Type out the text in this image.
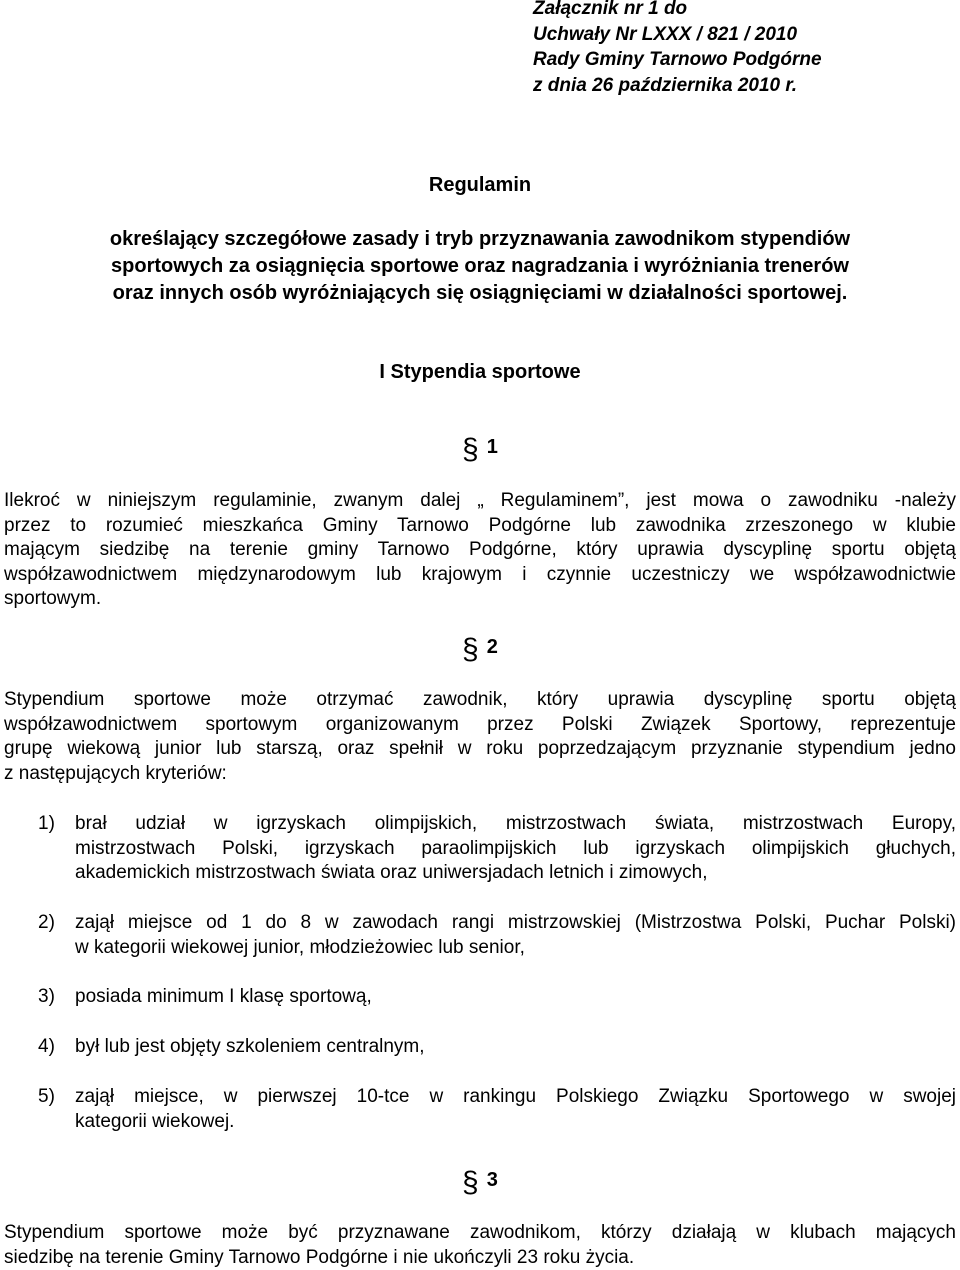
Załącznik nr 1 do
Uchwały Nr LXXX / 821 / 2010
Rady Gminy Tarnowo Podgórne
z dnia 26 października 2010 r.
Regulamin
określający szczegółowe zasady i tryb przyznawania zawodnikom stypendiów
sportowych za osiągnięcia sportowe oraz nagradzania i wyróżniania trenerów
oraz innych osób wyróżniających się osiągnięciami w działalności sportowej.
I Stypendia sportowe
§ 1
Ilekroć w niniejszym regulaminie, zwanym dalej „ Regulaminem”, jest mowa o zawodniku -należy
przez to rozumieć mieszkańca Gminy Tarnowo Podgórne lub zawodnika zrzeszonego w klubie
mającym siedzibę na terenie gminy Tarnowo Podgórne, który uprawia dyscyplinę sportu objętą
współzawodnictwem międzynarodowym lub krajowym i czynnie uczestniczy we współzawodnictwie
sportowym.
§ 2
Stypendium sportowe może otrzymać zawodnik, który uprawia dyscyplinę sportu objętą
współzawodnictwem sportowym organizowanym przez Polski Związek Sportowy, reprezentuje
grupę wiekową junior lub starszą, oraz spełnił w roku poprzedzającym przyznanie stypendium jedno
z następujących kryteriów:
1) brał udział w igrzyskach olimpijskich, mistrzostwach świata, mistrzostwach Europy,
mistrzostwach Polski, igrzyskach paraolimpijskich lub igrzyskach olimpijskich głuchych,
akademickich mistrzostwach świata oraz uniwersjadach letnich i zimowych,
2) zajął miejsce od 1 do 8 w zawodach rangi mistrzowskiej (Mistrzostwa Polski, Puchar Polski)
w kategorii wiekowej junior, młodzieżowiec lub senior,
3) posiada minimum I klasę sportową,
4) był lub jest objęty szkoleniem centralnym,
5) zajął miejsce, w pierwszej 10-tce w rankingu Polskiego Związku Sportowego w swojej
kategorii wiekowej.
§ 3
Stypendium sportowe może być przyznawane zawodnikom, którzy działają w klubach mających
siedzibę na terenie Gminy Tarnowo Podgórne i nie ukończyli 23 roku życia.
